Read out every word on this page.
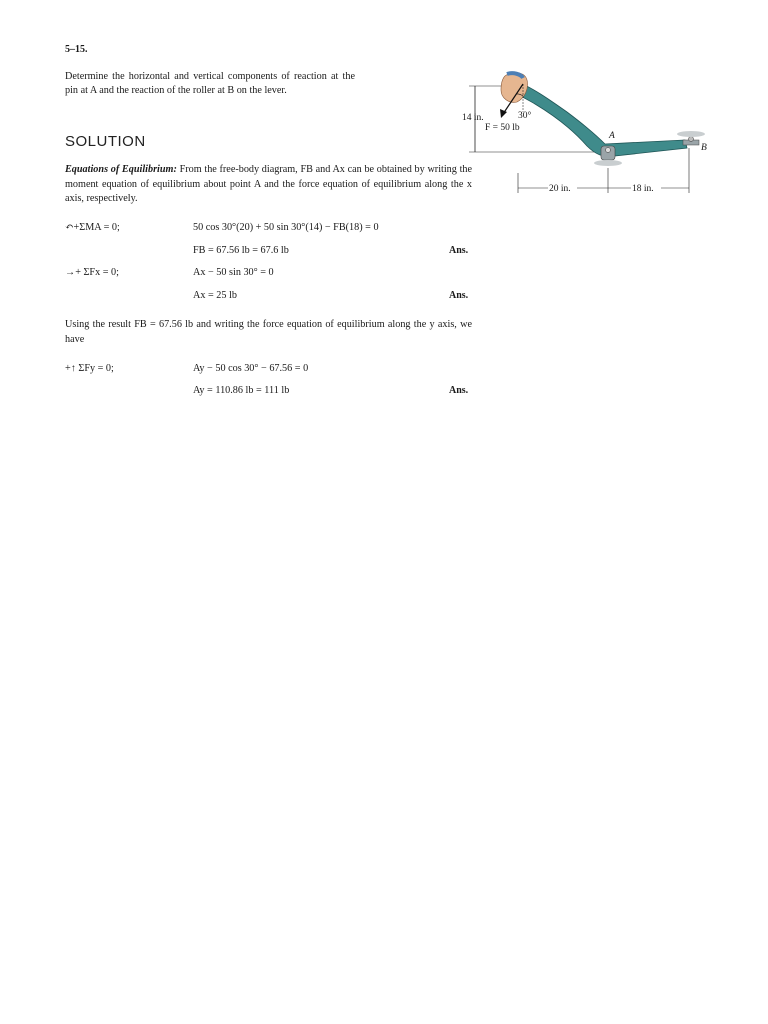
5–15.
Determine the horizontal and vertical components of reaction at the pin at A and the reaction of the roller at B on the lever.
14 in.	30°
F = 50 lb
A
B
20 in.	18 in.
SOLUTION
Equations of Equilibrium: From the free-body diagram, FB and Ax can be obtained by writing the moment equation of equilibrium about point A and the force equation of equilibrium along the x axis, respectively.
↶+ΣMA = 0;	50 cos 30°(20) + 50 sin 30°(14) − FB(18) = 0
FB = 67.56 lb = 67.6 lb	Ans.
→+ ΣFx = 0;	Ax − 50 sin 30° = 0
Ax = 25 lb	Ans.
Using the result FB = 67.56 lb and writing the force equation of equilibrium along the y axis, we have
+↑ ΣFy = 0;	Ay − 50 cos 30° − 67.56 = 0
Ay = 110.86 lb = 111 lb	Ans.
